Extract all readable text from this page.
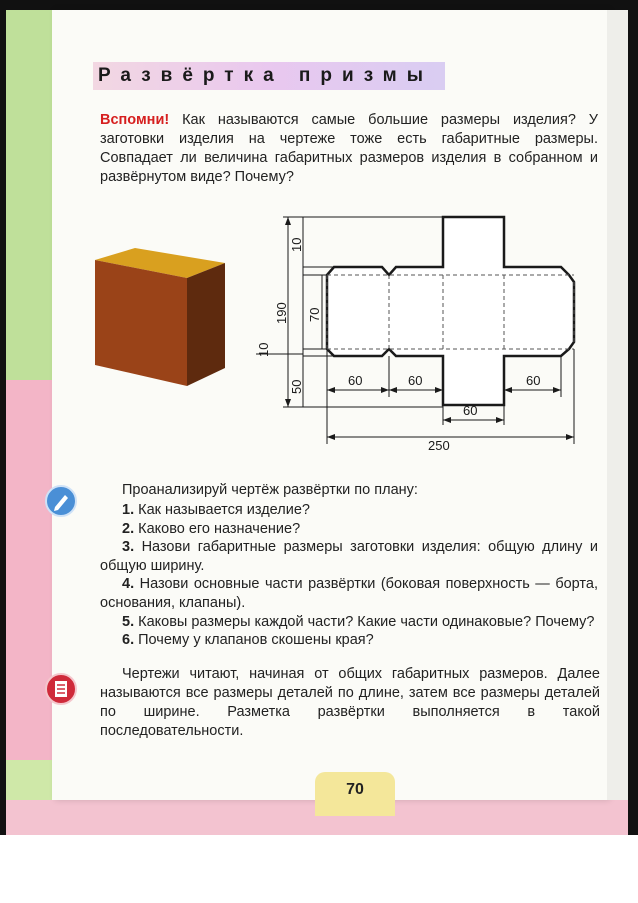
Развёртка призмы
Вспомни! Как называются самые большие размеры изделия? У заготовки изделия на чертеже тоже есть габаритные размеры. Совпадает ли величина габаритных размеров изделия в собранном и развёрнутом виде? Почему?
10
190 70
10
50	60	60	60
60
250
Проанализируй чертёж развёртки по плану:
1. Как называется изделие?
2. Каково его назначение?
3. Назови габаритные размеры заготовки изделия: общую длину и общую ширину.
4. Назови основные части развёртки (боковая поверхность — борта, основания, клапаны).
5. Каковы размеры каждой части? Какие части одинаковые? Почему?
6. Почему у клапанов скошены края?
Чертежи читают, начиная от общих габаритных размеров. Далее называются все размеры деталей по длине, затем все размеры деталей по ширине. Разметка развёртки выполняется в такой последовательности.
70
